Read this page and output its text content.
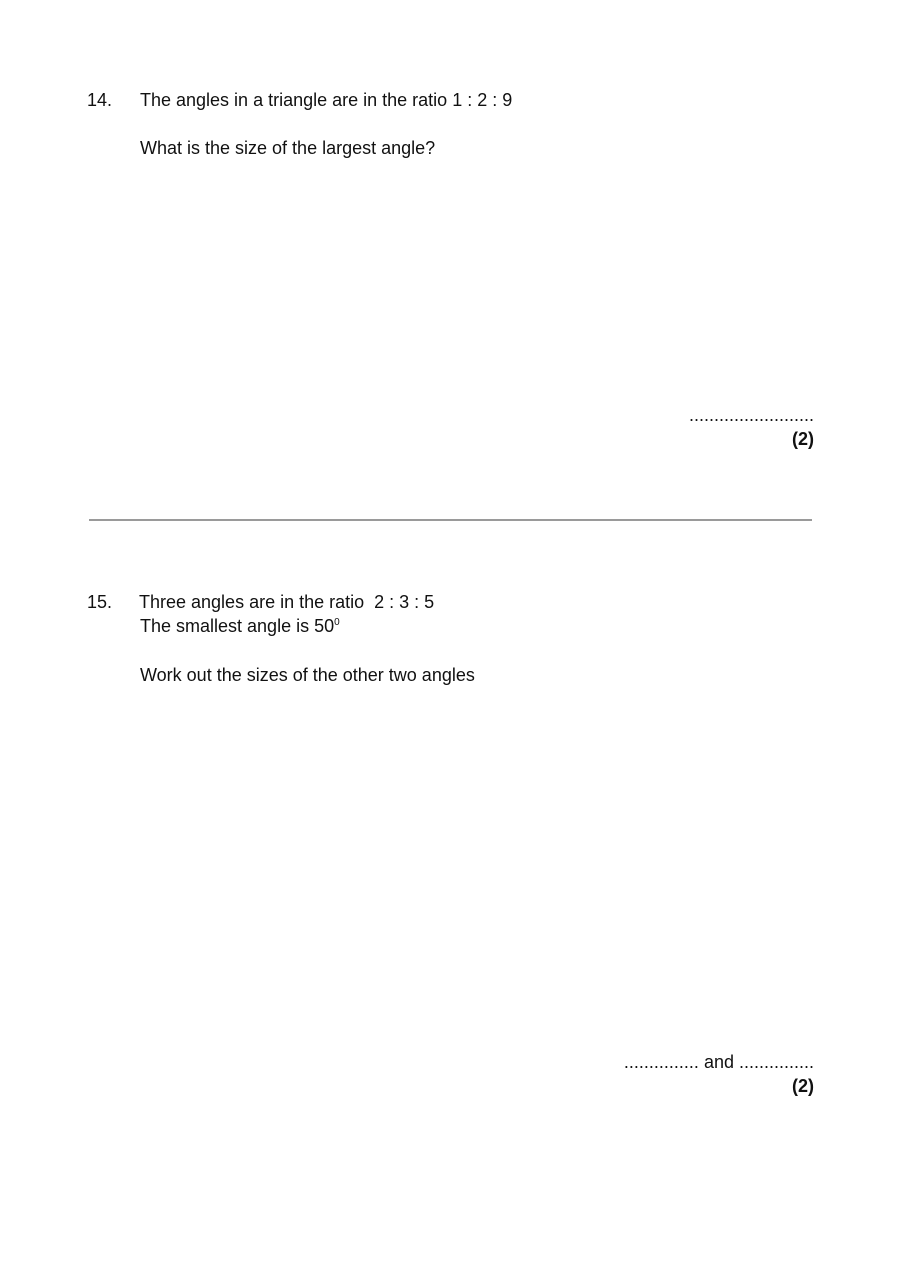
14. The angles in a triangle are in the ratio 1 : 2 : 9
What is the size of the largest angle?
.........................
(2)
15. Three angles are in the ratio  2 : 3 : 5
The smallest angle is $50^0$
Work out the sizes of the other two angles
............... and ...............
(2)
